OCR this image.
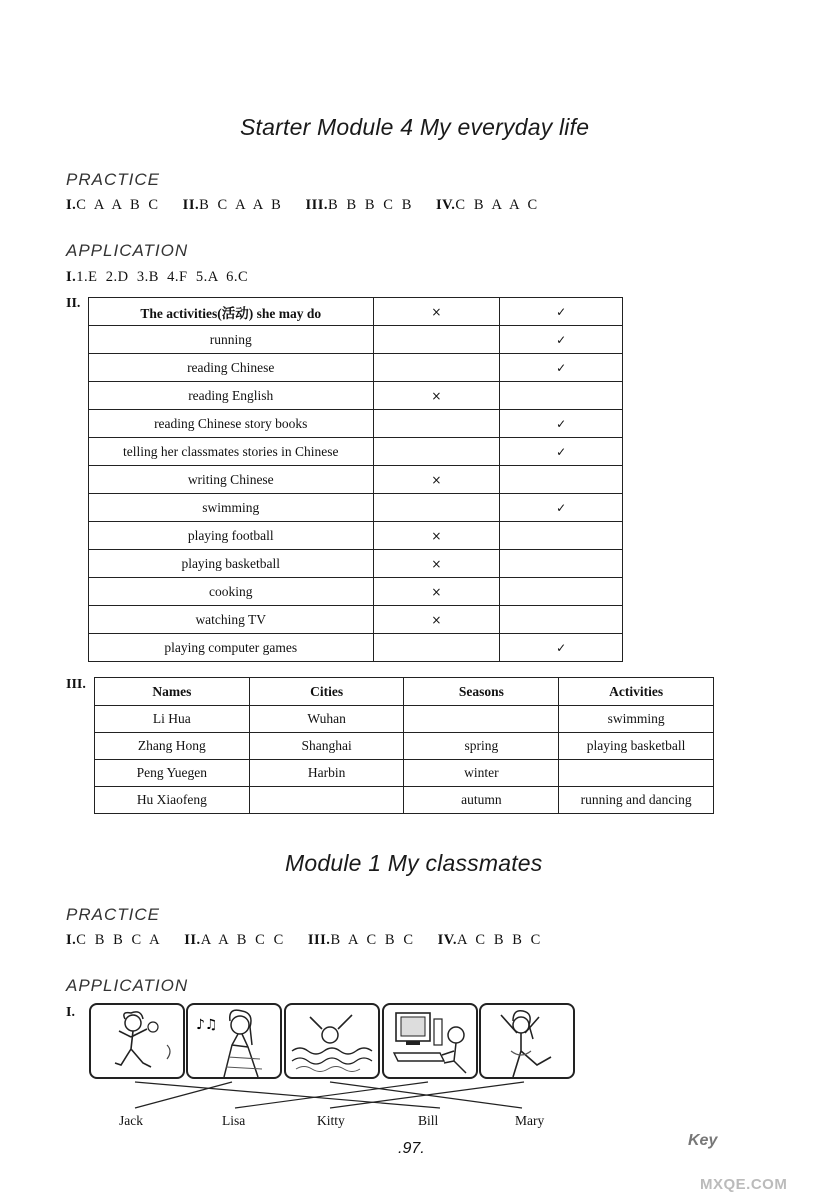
Starter Module 4 My everyday life
PRACTICE
I.C  A  A  B  C II.B  C  A  A  B III.B  B  B  C  B IV.C  B  A  A  C
APPLICATION
I.1.E  2.D  3.B  4.F  5.A  6.C
II.
The activities(活动) she may do	×	✓
running		✓
reading Chinese		✓
reading English	×	
reading Chinese story books		✓
telling her classmates stories in Chinese		✓
writing Chinese	×	
swimming		✓
playing football	×	
playing basketball	×	
cooking	×	
watching TV	×	
playing computer games		✓
III.	Names	Cities	Seasons	Activities
Li Hua	Wuhan		swimming
Zhang Hong	Shanghai	spring	playing basketball
Peng Yuegen	Harbin	winter	
Hu Xiaofeng		autumn	running and dancing
Module 1 My classmates
PRACTICE
I.C  B  B  C  A II.A  A  B  C  C III.B  A  C  B  C IV.A  C  B  B  C
APPLICATION
I.
♪♫
Jack	Lisa	Kitty	Bill	Mary
.97.	Key
MXQE.COM
